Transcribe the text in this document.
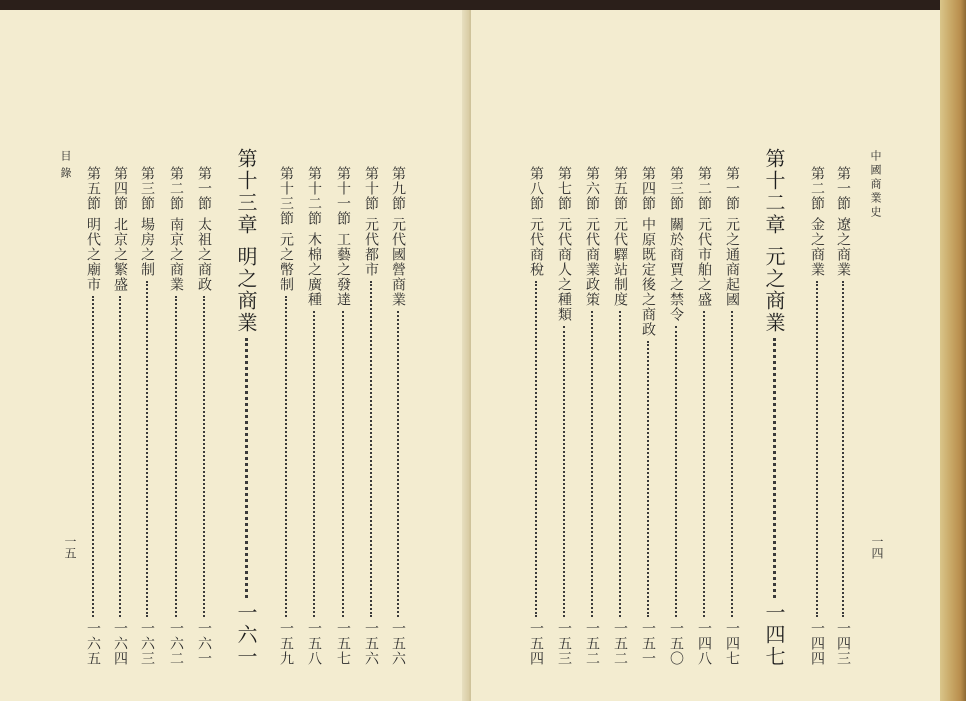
目錄
一五
第九節
元代國營商業
一五六
第十節
元代都市
一五六
第十一節
工藝之發達
一五七
第十二節
木棉之廣種
一五八
第十三節
元之幣制
一五九
第十三章
明之商業
一六一
第一節
太祖之商政
一六一
第二節
南京之商業
一六二
第三節
場房之制
一六三
第四節
北京之繁盛
一六四
第五節
明代之廟市
一六五
中國商業史
一四
第一節
遼之商業
一四三
第二節
金之商業
一四四
第十二章
元之商業
一四七
第一節
元之通商起國
一四七
第二節
元代市舶之盛
一四八
第三節
關於商賈之禁令
一五〇
第四節
中原既定後之商政
一五一
第五節
元代驛站制度
一五二
第六節
元代商業政策
一五二
第七節
元代商人之種類
一五三
第八節
元代商稅
一五四
